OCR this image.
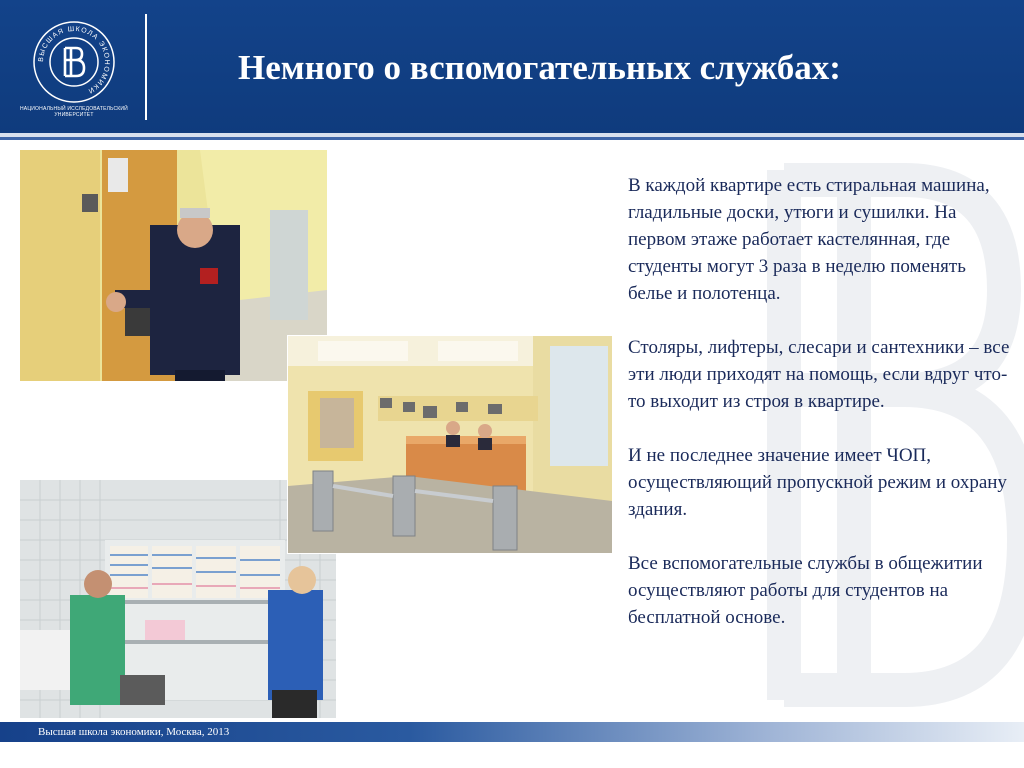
ВЫСШАЯ ШКОЛА ЭКОНОМИКИ
НАЦИОНАЛЬНЫЙ ИССЛЕДОВАТЕЛЬСКИЙ УНИВЕРСИТЕТ
Немного о вспомогательных службах:

В каждой квартире есть стиральная машина, гладильные доски, утюги и сушилки. На первом этаже работает кастелянная, где студенты могут 3 раза в неделю поменять белье и полотенца.

Столяры, лифтеры, слесари и сантехники – все эти люди приходят на помощь, если вдруг что-то выходит из строя в квартире.

И не последнее значение имеет ЧОП, осуществляющий пропускной режим и охрану здания.

Все вспомогательные службы в общежитии осуществляют работы для студентов на бесплатной основе.

Высшая школа экономики, Москва, 2013
